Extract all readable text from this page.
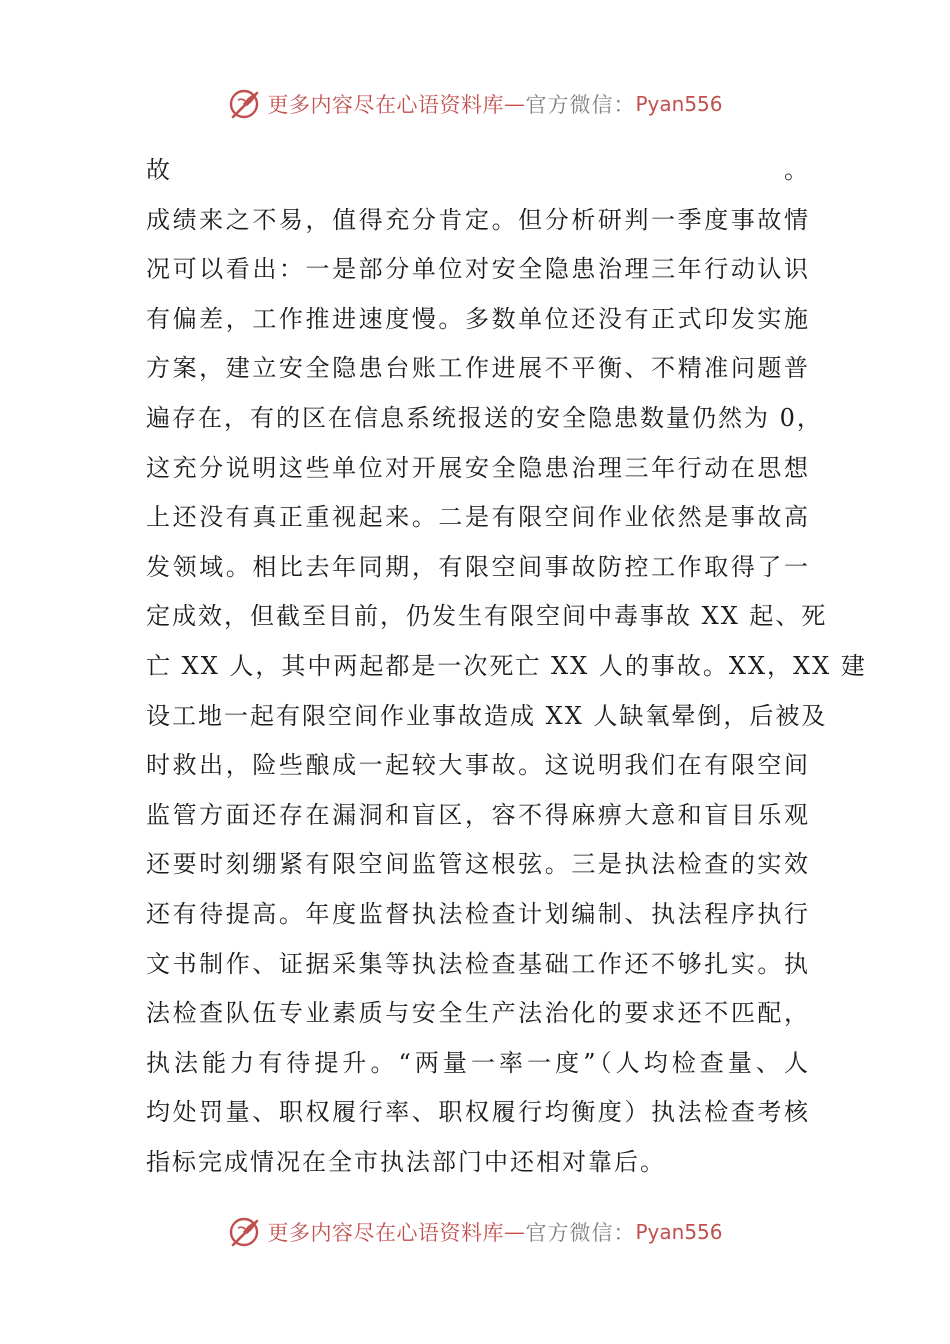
更多内容尽在心语资料库 — 官方微信： Pyan556
故。
成绩来之不易，值得充分肯定。但分析研判一季度事故情
况可以看出：一是部分单位对安全隐患治理三年行动认识
有偏差，工作推进速度慢。多数单位还没有正式印发实施
方案，建立安全隐患台账工作进展不平衡、不精准问题普
遍存在，有的区在信息系统报送的安全隐患数量仍然为 0，
这充分说明这些单位对开展安全隐患治理三年行动在思想
上还没有真正重视起来。二是有限空间作业依然是事故高
发领域。相比去年同期，有限空间事故防控工作取得了一
定成效，但截至目前，仍发生有限空间中毒事故 XX 起、死
亡 XX 人，其中两起都是一次死亡 XX 人的事故。XX，XX 建
设工地一起有限空间作业事故造成 XX 人缺氧晕倒，后被及
时救出，险些酿成一起较大事故。这说明我们在有限空间
监管方面还存在漏洞和盲区，容不得麻痹大意和盲目乐观
还要时刻绷紧有限空间监管这根弦。三是执法检查的实效
还有待提高。年度监督执法检查计划编制、执法程序执行
文书制作、证据采集等执法检查基础工作还不够扎实。执
法检查队伍专业素质与安全生产法治化的要求还不匹配，
执法能力有待提升。“两量一率一度”（人均检查量、人
均处罚量、职权履行率、职权履行均衡度）执法检查考核
指标完成情况在全市执法部门中还相对靠后。
更多内容尽在心语资料库 — 官方微信： Pyan556
